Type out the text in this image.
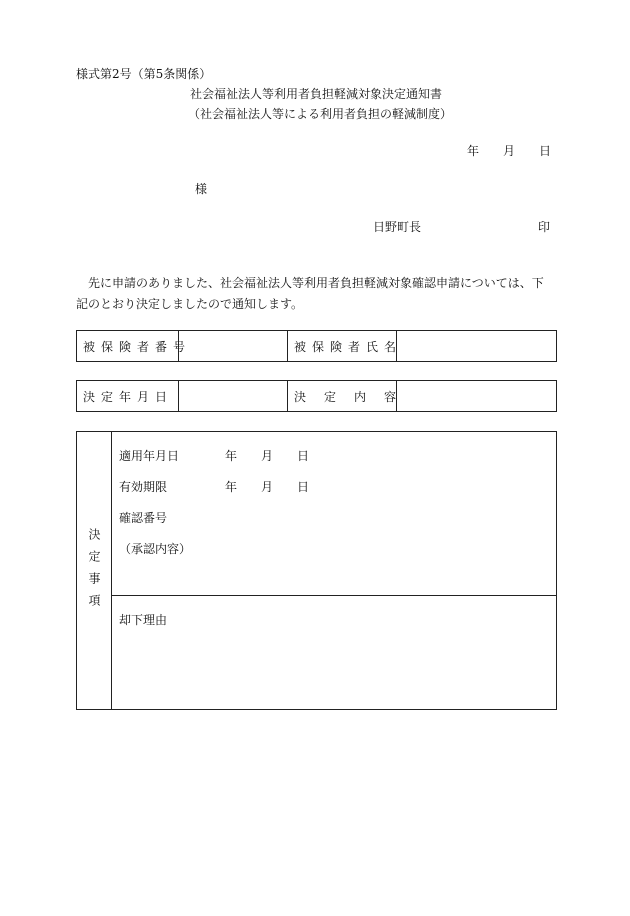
様式第2号（第5条関係）
社会福祉法人等利用者負担軽減対象決定通知書
（社会福祉法人等による利用者負担の軽減制度）
年 月 日
様
日野町長	印
先に申請のありました、社会福祉法人等利用者負担軽減対象確認申請については、下記のとおり決定しましたので通知します。
被保険者番号	被保険者氏名
決定年月日	決定内容
決定事項
適用年月日	年 月 日
有効期限	年 月 日
確認番号
（承認内容）
却下理由
